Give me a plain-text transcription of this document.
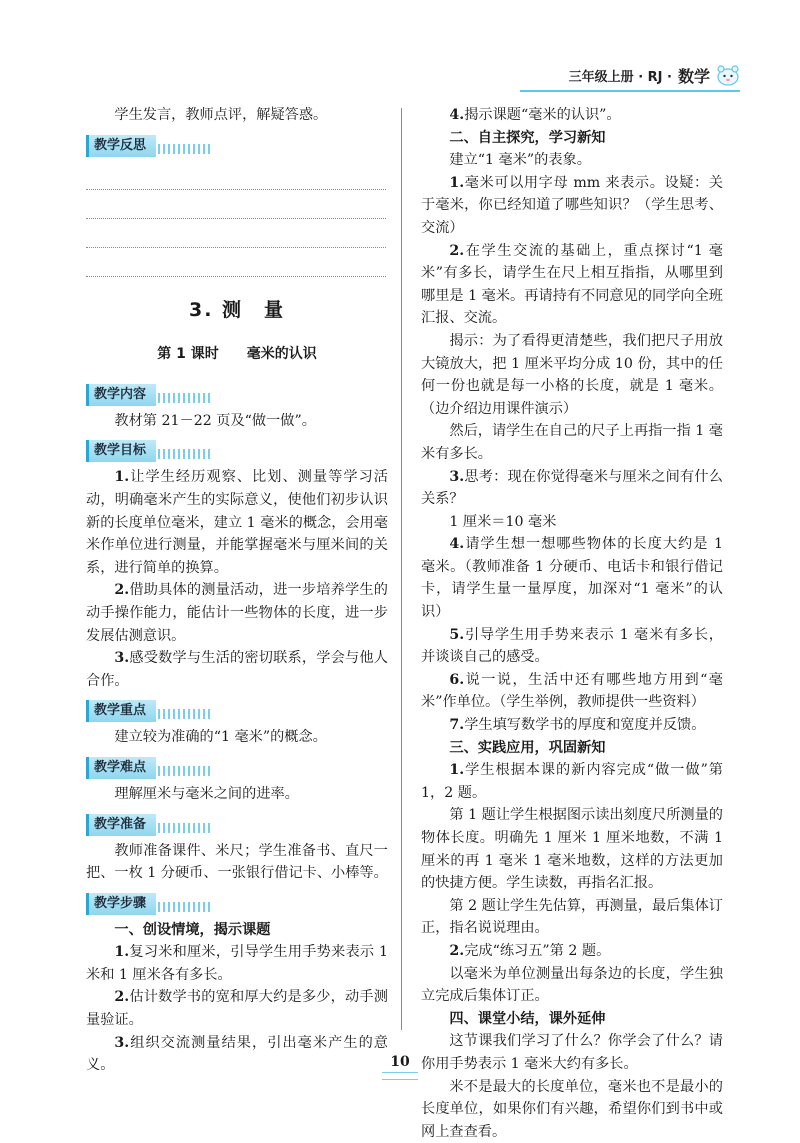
三年级上册 · RJ · 数学

学生发言，教师点评，解疑答惑。

教学反思
3. 测　量
第 1 课时 毫米的认识
教学内容

教材第 21－22 页及“做一做”。

教学目标

1.让学生经历观察、比划、测量等学习活动，明确毫米产生的实际意义，使他们初步认识新的长度单位毫米，建立 1 毫米的概念，会用毫米作单位进行测量，并能掌握毫米与厘米间的关系，进行简单的换算。

2.借助具体的测量活动，进一步培养学生的动手操作能力，能估计一些物体的长度，进一步发展估测意识。

3.感受数学与生活的密切联系，学会与他人合作。

教学重点

建立较为准确的“1 毫米”的概念。

教学难点

理解厘米与毫米之间的进率。

教学准备

教师准备课件、米尺；学生准备书、直尺一把、一枚 1 分硬币、一张银行借记卡、小棒等。

教学步骤

一、创设情境，揭示课题

1.复习米和厘米，引导学生用手势来表示 1 米和 1 厘米各有多长。

2.估计数学书的宽和厚大约是多少，动手测量验证。

3.组织交流测量结果，引出毫米产生的意义。

4.揭示课题“毫米的认识”。

二、自主探究，学习新知

建立“1 毫米”的表象。

1.毫米可以用字母 mm 来表示。设疑：关于毫米，你已经知道了哪些知识？（学生思考、交流）

2.在学生交流的基础上，重点探讨“1 毫米”有多长，请学生在尺上相互指指，从哪里到哪里是 1 毫米。再请持有不同意见的同学向全班汇报、交流。

揭示：为了看得更清楚些，我们把尺子用放大镜放大，把 1 厘米平均分成 10 份，其中的任何一份也就是每一小格的长度，就是 1 毫米。（边介绍边用课件演示）

然后，请学生在自己的尺子上再指一指 1 毫米有多长。

3.思考：现在你觉得毫米与厘米之间有什么关系？

1 厘米＝10 毫米

4.请学生想一想哪些物体的长度大约是 1 毫米。（教师准备 1 分硬币、电话卡和银行借记卡，请学生量一量厚度，加深对“1 毫米”的认识）

5.引导学生用手势来表示 1 毫米有多长，并谈谈自己的感受。

6.说一说，生活中还有哪些地方用到“毫米”作单位。（学生举例，教师提供一些资料）

7.学生填写数学书的厚度和宽度并反馈。

三、实践应用，巩固新知

1.学生根据本课的新内容完成“做一做”第 1，2 题。

第 1 题让学生根据图示读出刻度尺所测量的物体长度。明确先 1 厘米 1 厘米地数，不满 1 厘米的再 1 毫米 1 毫米地数，这样的方法更加的快捷方便。学生读数，再指名汇报。

第 2 题让学生先估算，再测量，最后集体订正，指名说说理由。

2.完成“练习五”第 2 题。

以毫米为单位测量出每条边的长度，学生独立完成后集体订正。

四、课堂小结，课外延伸

这节课我们学习了什么？你学会了什么？请你用手势表示 1 毫米大约有多长。

米不是最大的长度单位，毫米也不是最小的长度单位，如果你们有兴趣，希望你们到书中或网上查查看。

10
